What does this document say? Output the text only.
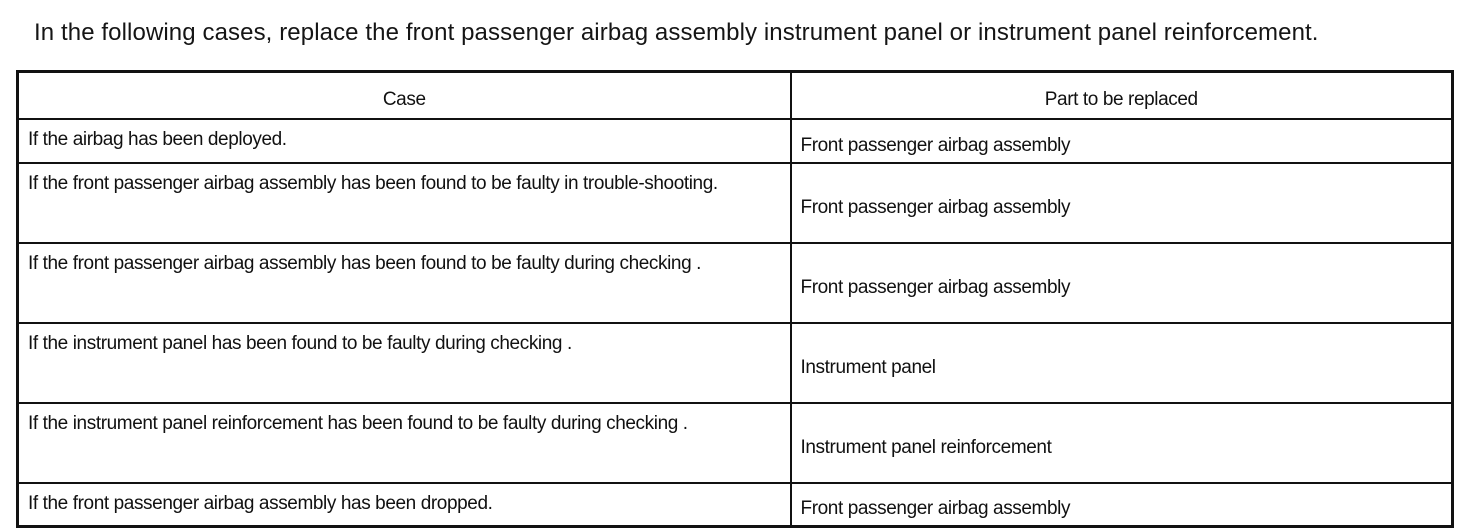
In the following cases, replace the front passenger airbag assembly instrument panel or instrument panel reinforcement.
Case	Part to be replaced
If the airbag has been deployed.	Front passenger airbag assembly
If the front passenger airbag assembly has been found to be faulty in trouble-shooting.	Front passenger airbag assembly
If the front passenger airbag assembly has been found to be faulty during checking .	Front passenger airbag assembly
If the instrument panel has been found to be faulty during checking .	Instrument panel
If the instrument panel reinforcement has been found to be faulty during checking .	Instrument panel reinforcement
If the front passenger airbag assembly has been dropped.	Front passenger airbag assembly
